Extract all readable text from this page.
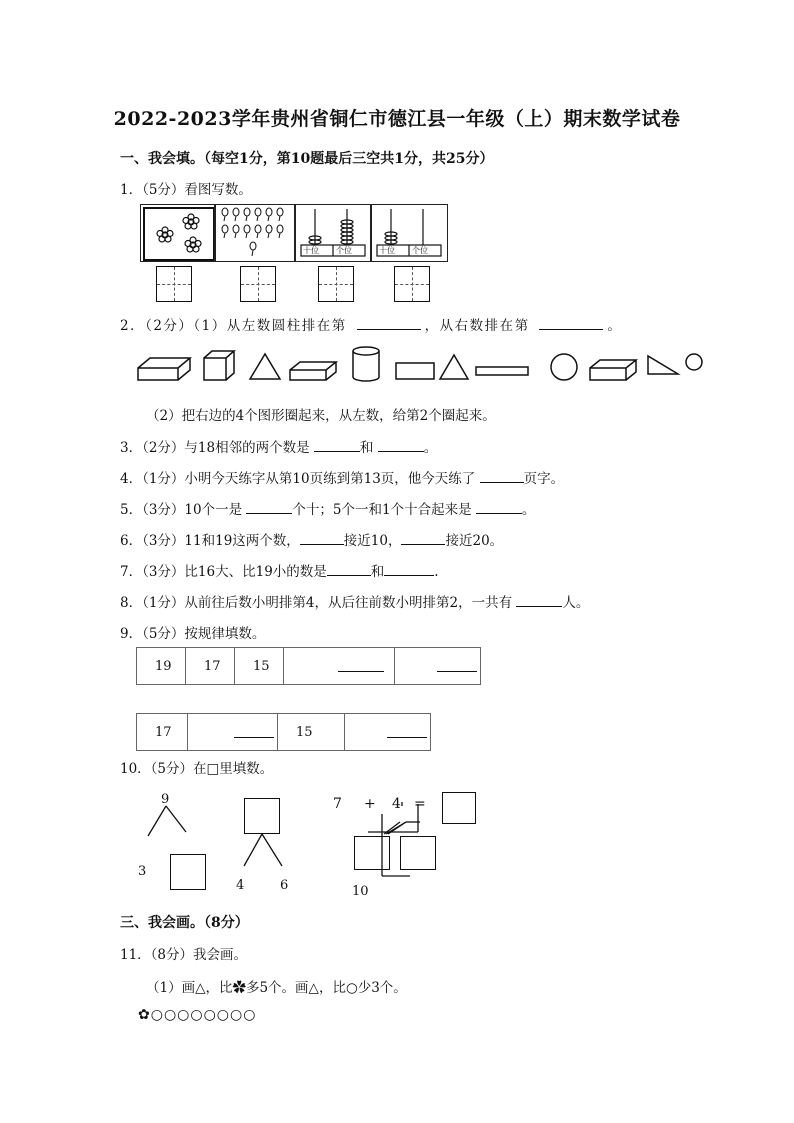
2022-2023学年贵州省铜仁市德江县一年级（上）期末数学试卷
一、我会填。（每空1分，第10题最后三空共1分，共25分）
1．（5分）看图写数。
十位 个位	十位 个位
2．（2分）（1）从左数圆柱排在第	，从右数排在第	。
（2）把右边的4个图形圈起来，从左数，给第2个圈起来。
3．（2分）与18相邻的两个数是	和	。
4．（1分）小明今天练字从第10页练到第13页，他今天练了	页字。
5．（3分）10个一是	个十；5个一和1个十合起来是	。
6．（3分）11和19这两个数，	接近10，	接近20。
7．（3分）比16大、比19小的数是	和	.
8．（1分）从前往后数小明排第4，从后往前数小明排第2，一共有	人。
9．（5分）按规律填数。
19	17	15		
17		15	
10．（5分）在□里填数。
9
3
4	6
7 + 4 =
10
三、我会画。（8分）
11．（8分）我会画。
（1）画△，比✿多5个。画△，比○少3个。
✿○○○○○○○○
